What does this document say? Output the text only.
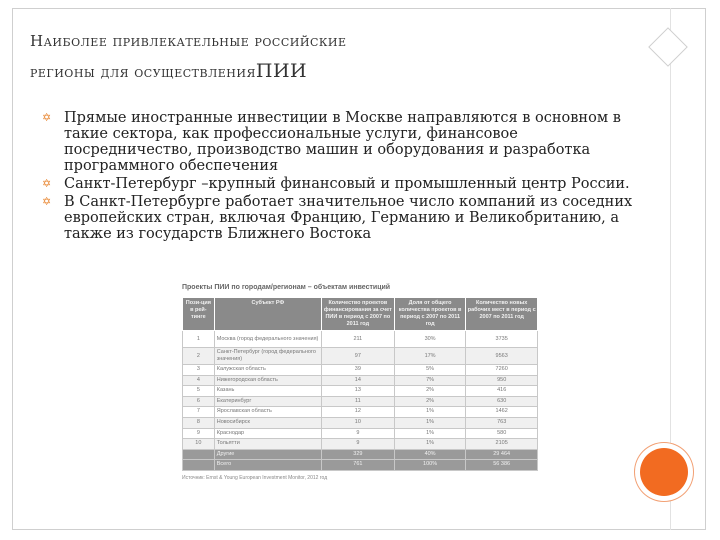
Наиболее привлекательные российские
регионы для осуществленияПИИ
✡ Прямые иностранные инвестиции в Москве направляются в основном в такие сектора, как профессиональные услуги, финансовое посредничество, производство машин и оборудования и разработка программного обеспечения
✡ Санкт-Петербург –крупный финансовый и промышленный центр России.
✡ В Санкт-Петербурге работает значительное число компаний из соседних европейских стран, включая Францию, Германию и Великобританию, а также из государств Ближнего Востока
Проекты ПИИ по городам/регионам – объектам инвестиций
Пози-ция в рей-тинге	Субъект РФ	Количество проектов финансирования за счет ПИИ в период с 2007 по 2011 год	Доля от общего количества проектов в период с 2007 по 2011 год	Количество новых рабочих мест в период с 2007 по 2011 год
1	Москва (город федерального значения)	211	30%	3735
2	Санкт-Петербург (город федерального значения)	97	17%	9563
3	Калужская область	39	5%	7260
4	Нижегородская область	14	7%	950
5	Казань	13	2%	416
6	Екатеринбург	11	2%	630
7	Ярославская область	12	1%	1462
8	Новосибирск	10	1%	763
9	Краснодар	9	1%	580
10	Тольятти	9	1%	2105
	Другие	329	40%	29 464
	Всего	761	100%	56 386
Источник: Ernst & Young European Investment Monitor, 2012 год
